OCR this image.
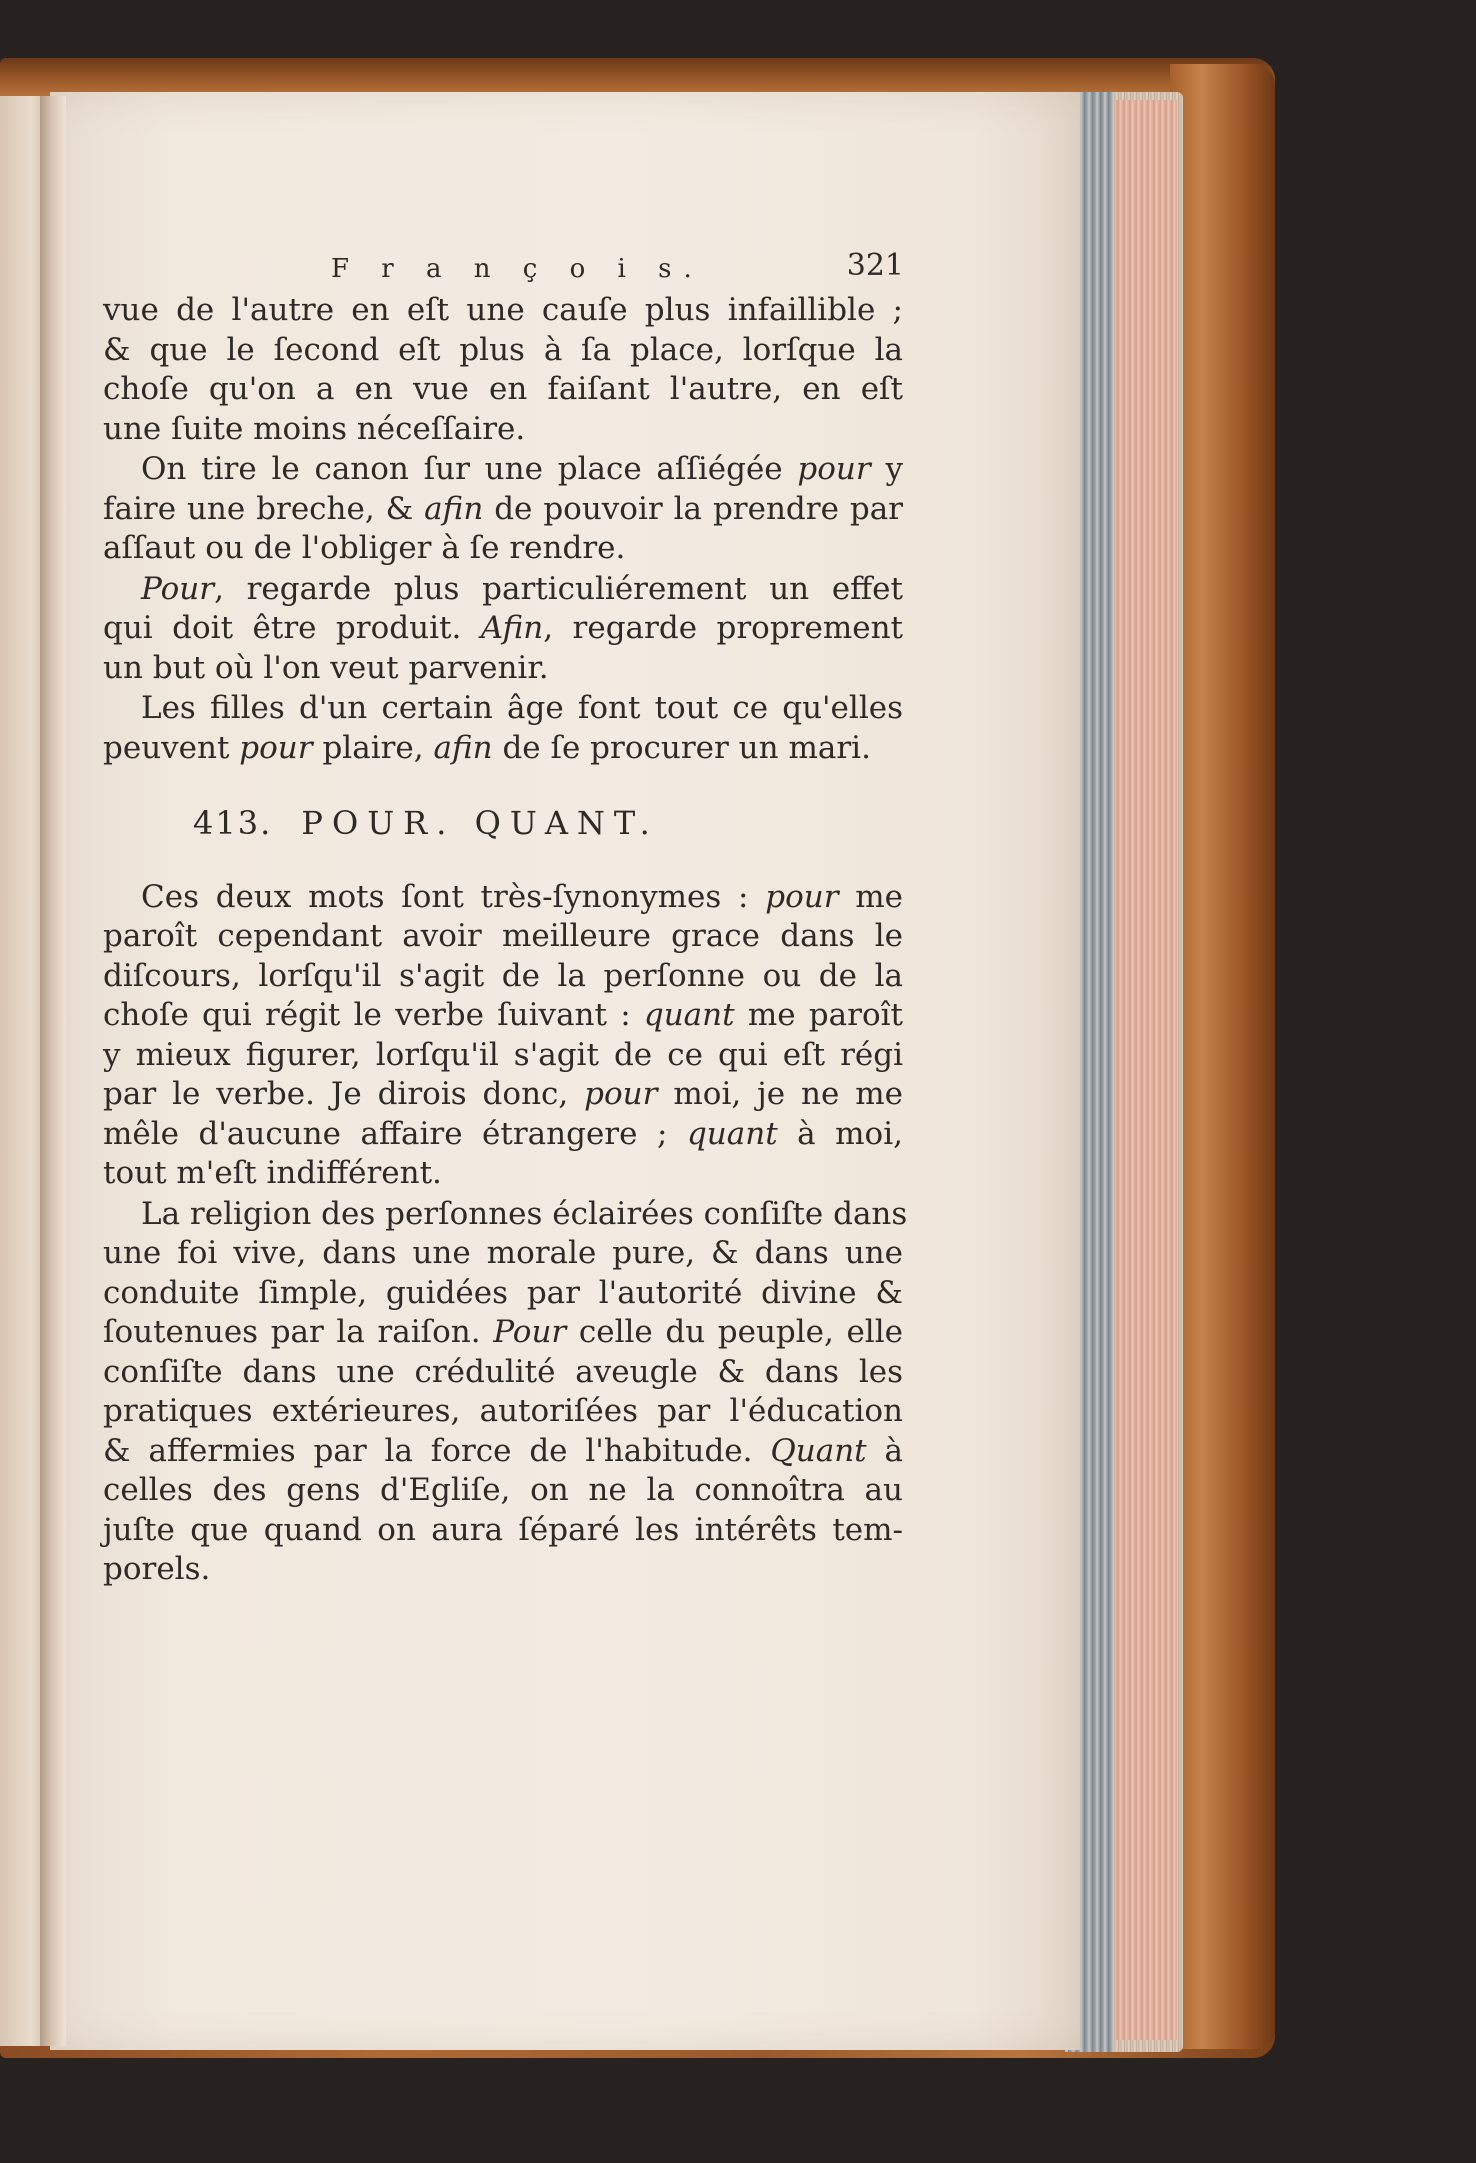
F r a n ç o i s.	321
vue de l'autre en eſt une cauſe plus infaillible ;
& que le ſecond eſt plus à ſa place, lorſque la
choſe qu'on a en vue en faiſant l'autre, en eſt
une ſuite moins néceſſaire.
On tire le canon ſur une place aſſiégée pour y
faire une breche, & afin de pouvoir la prendre par
aſſaut ou de l'obliger à ſe rendre.
Pour, regarde plus particuliérement un effet
qui doit être produit. Afin, regarde proprement
un but où l'on veut parvenir.
Les filles d'un certain âge font tout ce qu'elles
peuvent pour plaire, afin de ſe procurer un mari.
413. POUR. QUANT.
Ces deux mots ſont très-ſynonymes : pour me
paroît cependant avoir meilleure grace dans le
diſcours, lorſqu'il s'agit de la perſonne ou de la
choſe qui régit le verbe ſuivant : quant me paroît
y mieux figurer, lorſqu'il s'agit de ce qui eſt régi
par le verbe. Je dirois donc, pour moi, je ne me
mêle d'aucune affaire étrangere ; quant à moi,
tout m'eſt indifférent.
La religion des perſonnes éclairées conſiſte dans
une foi vive, dans une morale pure, & dans une
conduite ſimple, guidées par l'autorité divine &
ſoutenues par la raiſon. Pour celle du peuple, elle
conſiſte dans une crédulité aveugle & dans les
pratiques extérieures, autoriſées par l'éducation
& affermies par la force de l'habitude. Quant à
celles des gens d'Egliſe, on ne la connoîtra au
juſte que quand on aura ſéparé les intérêts tem-
porels.
